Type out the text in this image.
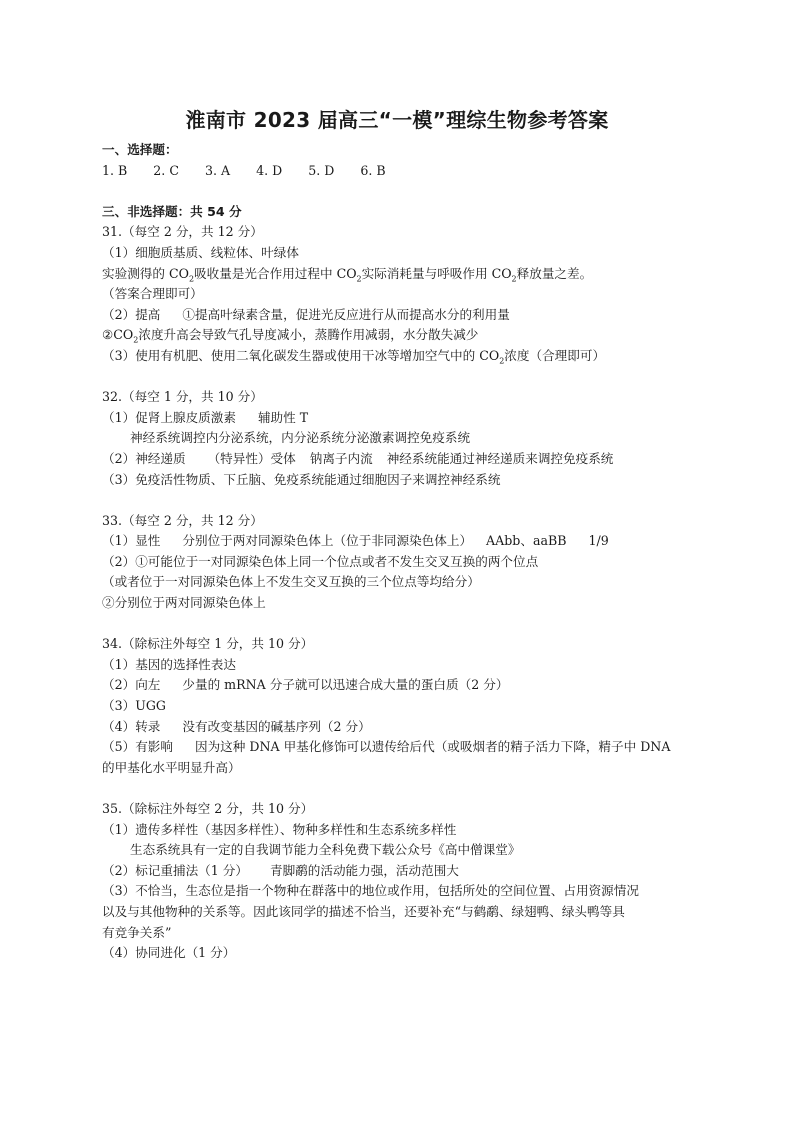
淮南市 2023 届高三“一模”理综生物参考答案
一、选择题：
1. B 2. C 3. A 4. D 5. D 6. B
三、非选择题：共 54 分
31.（每空 2 分，共 12 分）
（1）细胞质基质、线粒体、叶绿体
实验测得的 $CO_2$吸收量是光合作用过程中 $CO_2$实际消耗量与呼吸作用 $CO_2$释放量之差。
（答案合理即可）
（2）提高 ①提高叶绿素含量，促进光反应进行从而提高水分的利用量
$②CO_2$浓度升高会导致气孔导度减小，蒸腾作用减弱，水分散失减少
（3）使用有机肥、使用二氧化碳发生器或使用干冰等增加空气中的 $CO_2$浓度（合理即可）
32.（每空 1 分，共 10 分）
（1）促肾上腺皮质激素 辅助性 T
神经系统调控内分泌系统，内分泌系统分泌激素调控免疫系统
（2）神经递质 （特异性）受体 钠离子内流 神经系统能通过神经递质来调控免疫系统
（3）免疫活性物质、下丘脑、免疫系统能通过细胞因子来调控神经系统
33.（每空 2 分，共 12 分）
（1）显性 分别位于两对同源染色体上（位于非同源染色体上） AAbb、aaBB 1/9
（2）①可能位于一对同源染色体上同一个位点或者不发生交叉互换的两个位点
（或者位于一对同源染色体上不发生交叉互换的三个位点等均给分）
②分别位于两对同源染色体上
34.（除标注外每空 1 分，共 10 分）
（1）基因的选择性表达
（2）向左 少量的 mRNA 分子就可以迅速合成大量的蛋白质（2 分）
（3）UGG
（4）转录 没有改变基因的碱基序列（2 分）
（5）有影响 因为这种 DNA 甲基化修饰可以遗传给后代（或吸烟者的精子活力下降，精子中 DNA
的甲基化水平明显升高）
35.（除标注外每空 2 分，共 10 分）
（1）遗传多样性（基因多样性）、物种多样性和生态系统多样性
生态系统具有一定的自我调节能力全科免费下载公众号《高中僧课堂》
（2）标记重捕法（1 分） 青脚鹬的活动能力强，活动范围大
（3）不恰当，生态位是指一个物种在群落中的地位或作用，包括所处的空间位置、占用资源情况
以及与其他物种的关系等。因此该同学的描述不恰当，还要补充“与鹤鹬、绿翅鸭、绿头鸭等具
有竞争关系”
（4）协同进化（1 分）
